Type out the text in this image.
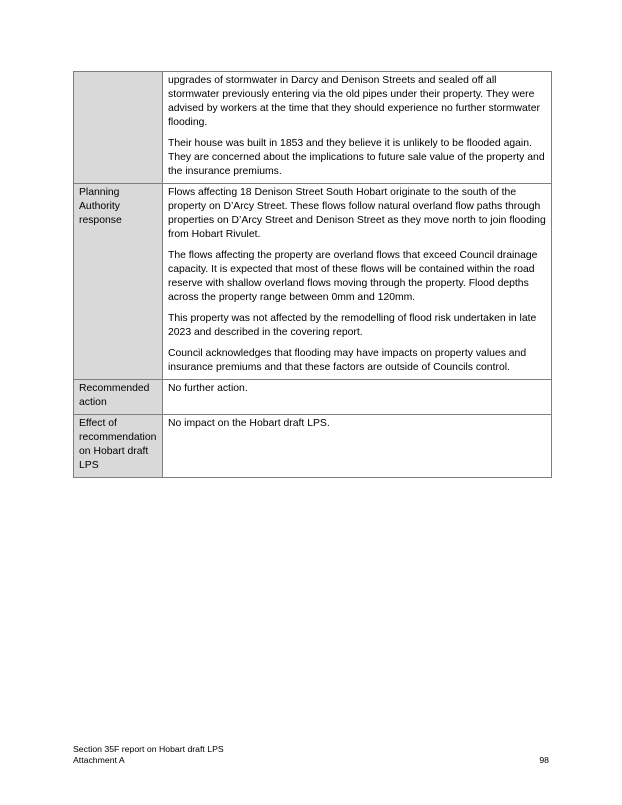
	upgrades of stormwater in Darcy and Denison Streets and sealed off all stormwater previously entering via the old pipes under their property. They were advised by workers at the time that they should experience no further stormwater flooding.

Their house was built in 1853 and they believe it is unlikely to be flooded again. They are concerned about the implications to future sale value of the property and the insurance premiums.

Planning Authority response	Flows affecting 18 Denison Street South Hobart originate to the south of the property on D’Arcy Street. These flows follow natural overland flow paths through properties on D’Arcy Street and Denison Street as they move north to join flooding from Hobart Rivulet.

The flows affecting the property are overland flows that exceed Council drainage capacity. It is expected that most of these flows will be contained within the road reserve with shallow overland flows moving through the property. Flood depths across the property range between 0mm and 120mm.

This property was not affected by the remodelling of flood risk undertaken in late 2023 and described in the covering report.

Council acknowledges that flooding may have impacts on property values and insurance premiums and that these factors are outside of Councils control.

Recommended action	No further action.

Effect of recommendation on Hobart draft LPS	No impact on the Hobart draft LPS.

Section 35F report on Hobart draft LPS
Attachment A	98
